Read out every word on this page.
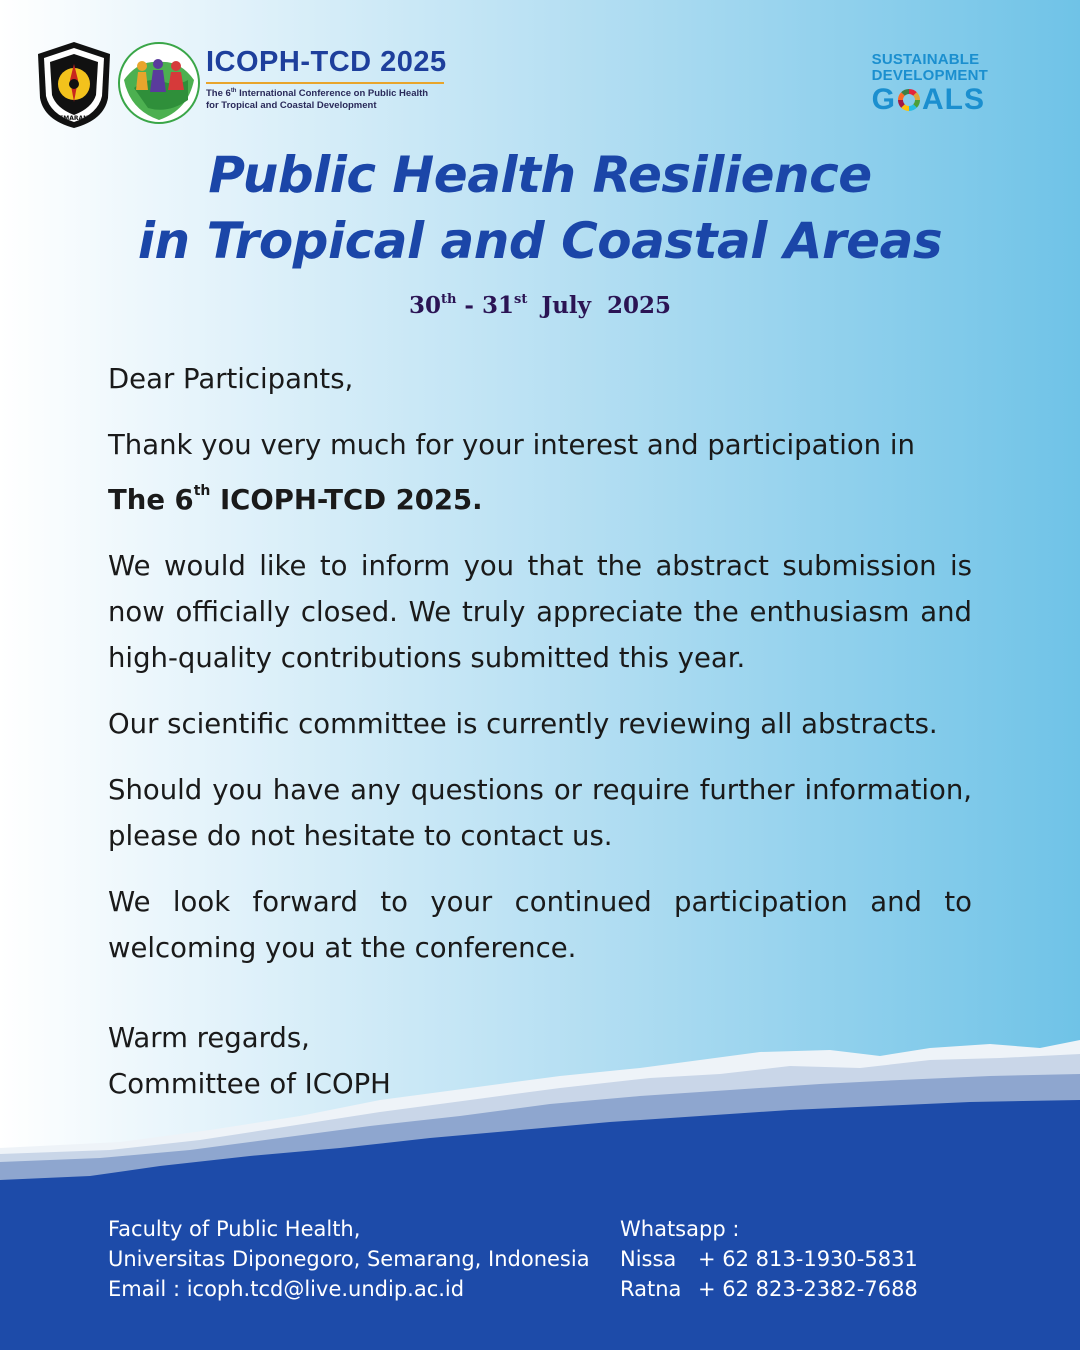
SEMARANG
ICOPH-TCD 2025
The 6th International Conference on Public Health
for Tropical and Coastal Development
SUSTAINABLE
DEVELOPMENT
G ALS
Public Health Resilience
in Tropical and Coastal Areas
30th - 31st July  2025

Dear Participants,

Thank you very much for your interest and participation in
The 6th ICOPH-TCD 2025.

We would like to inform you that the abstract submission is now officially closed. We truly appreciate the enthusiasm and high-quality contributions submitted this year.

Our scientific committee is currently reviewing all abstracts.

Should you have any questions or require further information, please do not hesitate to contact us.

We look forward to your continued participation and to welcoming you at the conference.

Warm regards,
Committee of ICOPH
Faculty of Public Health,
Universitas Diponegoro, Semarang, Indonesia
Email : icoph.tcd@live.undip.ac.id
Whatsapp :
Nissa + 62 813-1930-5831
Ratna + 62 823-2382-7688
